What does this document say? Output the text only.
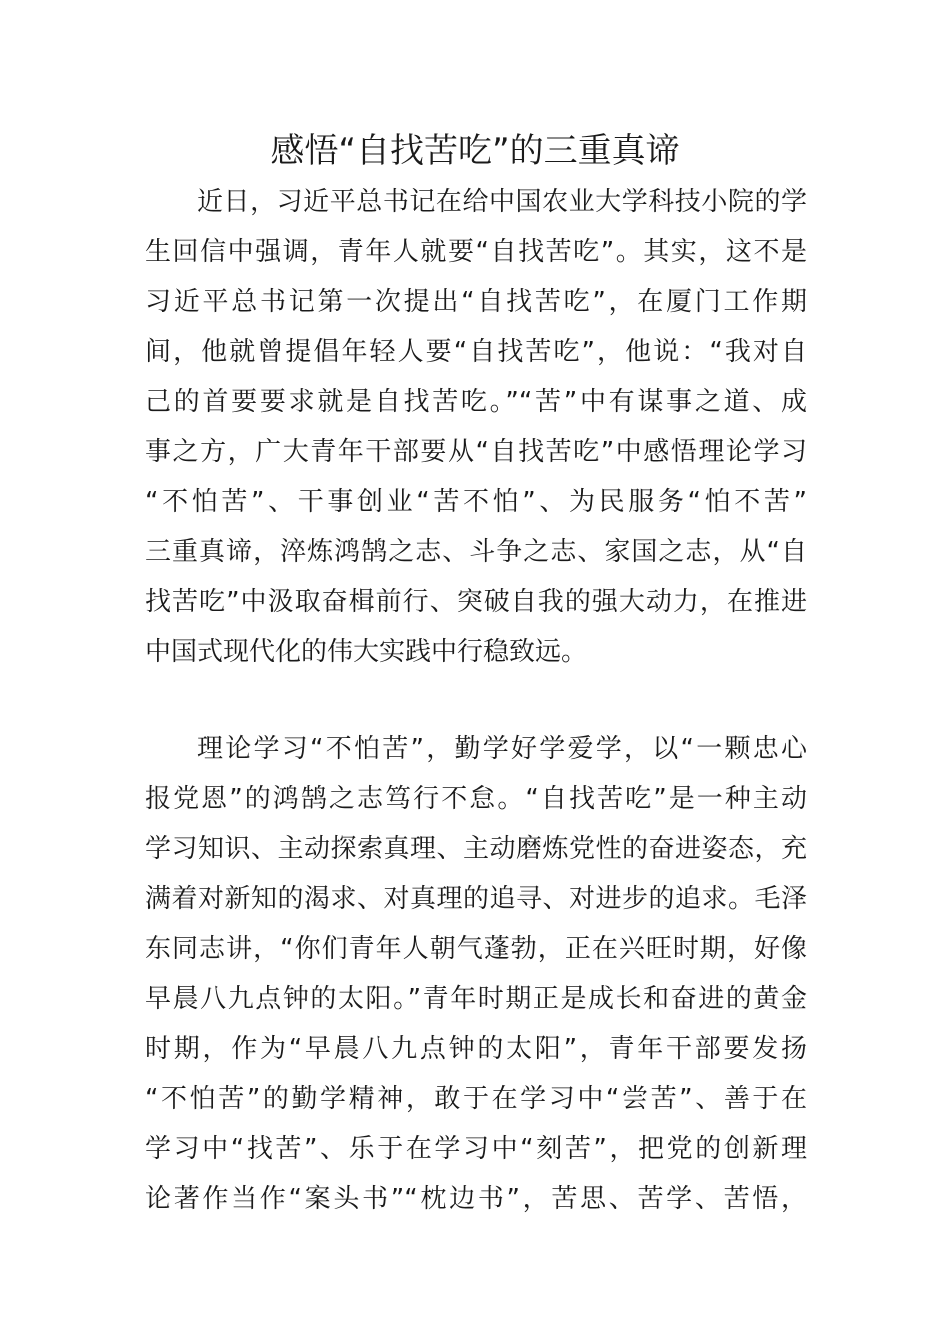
感悟“自找苦吃”的三重真谛
近日，习近平总书记在给中国农业大学科技小院的学
生回信中强调，青年人就要“自找苦吃”。其实，这不是
习近平总书记第一次提出“自找苦吃”，在厦门工作期
间，他就曾提倡年轻人要“自找苦吃”，他说：“我对自
己的首要要求就是自找苦吃。”“苦”中有谋事之道、成
事之方，广大青年干部要从“自找苦吃”中感悟理论学习
“不怕苦”、干事创业“苦不怕”、为民服务“怕不苦”
三重真谛，淬炼鸿鹄之志、斗争之志、家国之志，从“自
找苦吃”中汲取奋楫前行、突破自我的强大动力，在推进
中国式现代化的伟大实践中行稳致远。
理论学习“不怕苦”，勤学好学爱学，以“一颗忠心
报党恩”的鸿鹄之志笃行不怠。“自找苦吃”是一种主动
学习知识、主动探索真理、主动磨炼党性的奋进姿态，充
满着对新知的渴求、对真理的追寻、对进步的追求。毛泽
东同志讲，“你们青年人朝气蓬勃，正在兴旺时期，好像
早晨八九点钟的太阳。”青年时期正是成长和奋进的黄金
时期，作为“早晨八九点钟的太阳”，青年干部要发扬
“不怕苦”的勤学精神，敢于在学习中“尝苦”、善于在
学习中“找苦”、乐于在学习中“刻苦”，把党的创新理
论著作当作“案头书”“枕边书”，苦思、苦学、苦悟，
